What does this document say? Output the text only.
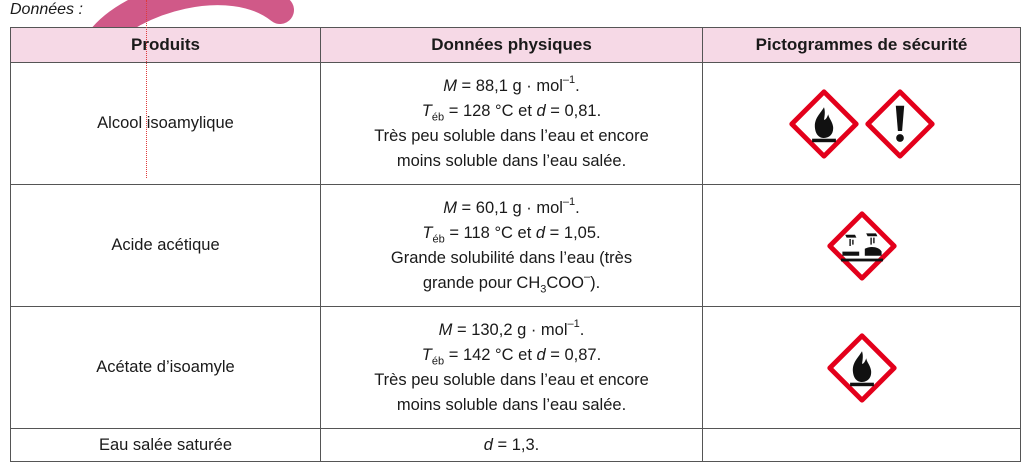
Données :
Produits	Données physiques	Pictogrammes de sécurité
Alcool isoamylique	M = 88,1 g · mol$^{-1}$.
$T_{éb} = 128$ °C et d = 0,81.
Très peu soluble dans l’eau et encore
moins soluble dans l’eau salée.

Acide acétique	M = 60,1 g · mol$^{-1}$.
$T_{éb} = 118$ °C et d = 1,05.
Grande solubilité dans l’eau (très
grande pour $CH_3COO^-$).

Acétate d’isoamyle	M = 130,2 g · mol$^{-1}$.
$T_{éb} = 142$ °C et d = 0,87.
Très peu soluble dans l’eau et encore
moins soluble dans l’eau salée.

Eau salée saturée	d = 1,3.	
